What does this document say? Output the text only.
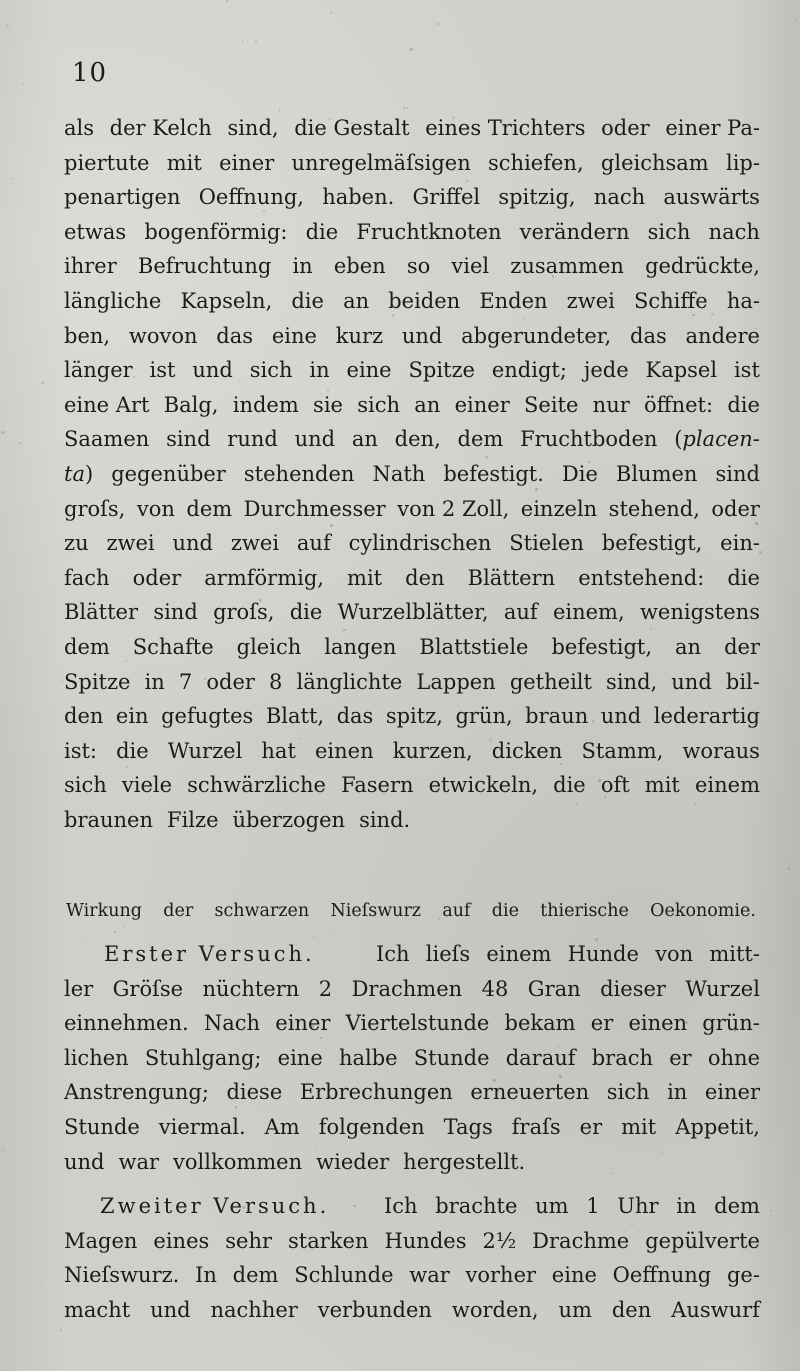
10
als der Kelch sind, die Gestalt eines Trichters oder einer Pa-
piertute mit einer unregelmäſsigen schiefen, gleichsam lip-
penartigen Oeffnung, haben. Griffel spitzig, nach auswärts
etwas bogenförmig: die Fruchtknoten verändern sich nach
ihrer Befruchtung in eben so viel zusammen gedrückte,
längliche Kapseln, die an beiden Enden zwei Schiffe ha-
ben, wovon das eine kurz und abgerundeter, das andere
länger ist und sich in eine Spitze endigt; jede Kapsel ist
eine Art Balg, indem sie sich an einer Seite nur öffnet: die
Saamen sind rund und an den, dem Fruchtboden (placen-
ta) gegenüber stehenden Nath befestigt. Die Blumen sind
groſs, von dem Durchmesser von 2 Zoll, einzeln stehend, oder
zu zwei und zwei auf cylindrischen Stielen befestigt, ein-
fach oder armförmig, mit den Blättern entstehend: die
Blätter sind groſs, die Wurzelblätter, auf einem, wenigstens
dem Schafte gleich langen Blattstiele befestigt, an der
Spitze in 7 oder 8 länglichte Lappen getheilt sind, und bil-
den ein gefugtes Blatt, das spitz, grün, braun und lederartig
ist: die Wurzel hat einen kurzen, dicken Stamm, woraus
sich viele schwärzliche Fasern etwickeln, die oft mit einem
braunen Filze überzogen sind.
Wirkung der schwarzen Nieſswurz auf die thierische Oekonomie.
Ich lieſs einem Hunde von mitt-
ler Gröſse nüchtern 2 Drachmen 48 Gran dieser Wurzel
einnehmen. Nach einer Viertelstunde bekam er einen grün-
lichen Stuhlgang; eine halbe Stunde darauf brach er ohne
Anstrengung; diese Erbrechungen erneuerten sich in einer
Stunde viermal. Am folgenden Tags fraſs er mit Appetit,
und war vollkommen wieder hergestellt.
Erster Versuch.
Ich brachte um 1 Uhr in dem
Magen eines sehr starken Hundes 2½ Drachme gepülverte
Nieſswurz. In dem Schlunde war vorher eine Oeffnung ge-
macht und nachher verbunden worden, um den Auswurf
Zweiter Versuch.
